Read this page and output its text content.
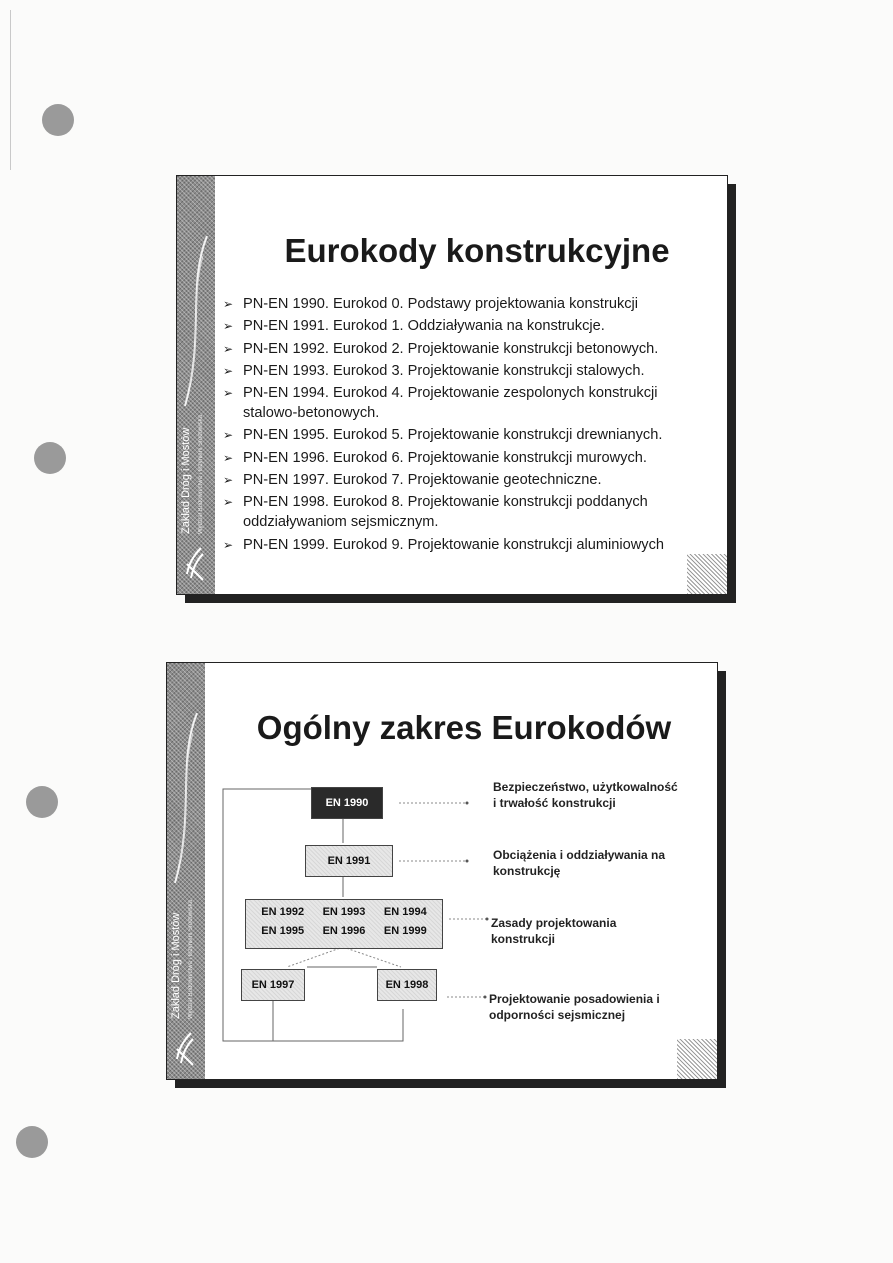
Zakład Dróg i Mostów	Wydział Budownictwa i Inżynierii Środowiska
Eurokody konstrukcyjne
➢ PN-EN 1990. Eurokod 0. Podstawy projektowania konstrukcji
➢ PN-EN 1991. Eurokod 1. Oddziaływania na konstrukcje.
➢ PN-EN 1992. Eurokod 2. Projektowanie konstrukcji betonowych.
➢ PN-EN 1993. Eurokod 3. Projektowanie konstrukcji stalowych.
➢ PN-EN 1994. Eurokod 4. Projektowanie zespolonych konstrukcji stalowo-betonowych.
➢ PN-EN 1995. Eurokod 5. Projektowanie konstrukcji drewnianych.
➢ PN-EN 1996. Eurokod 6. Projektowanie konstrukcji murowych.
➢ PN-EN 1997. Eurokod 7. Projektowanie geotechniczne.
➢ PN-EN 1998. Eurokod 8. Projektowanie konstrukcji poddanych oddziaływaniom sejsmicznym.
➢ PN-EN 1999. Eurokod 9. Projektowanie konstrukcji aluminiowych
Zakład Dróg i Mostów	Wydział Budownictwa i Inżynierii Środowiska
Ogólny zakres Eurokodów
EN 1990
EN 1991
EN 1992	EN 1993	EN 1994
EN 1995	EN 1996	EN 1999
EN 1997	EN 1998
Bezpieczeństwo, użytkowalność i trwałość konstrukcji
Obciążenia i oddziaływania na konstrukcję
Zasady projektowania konstrukcji
Projektowanie posadowienia i odporności sejsmicznej
